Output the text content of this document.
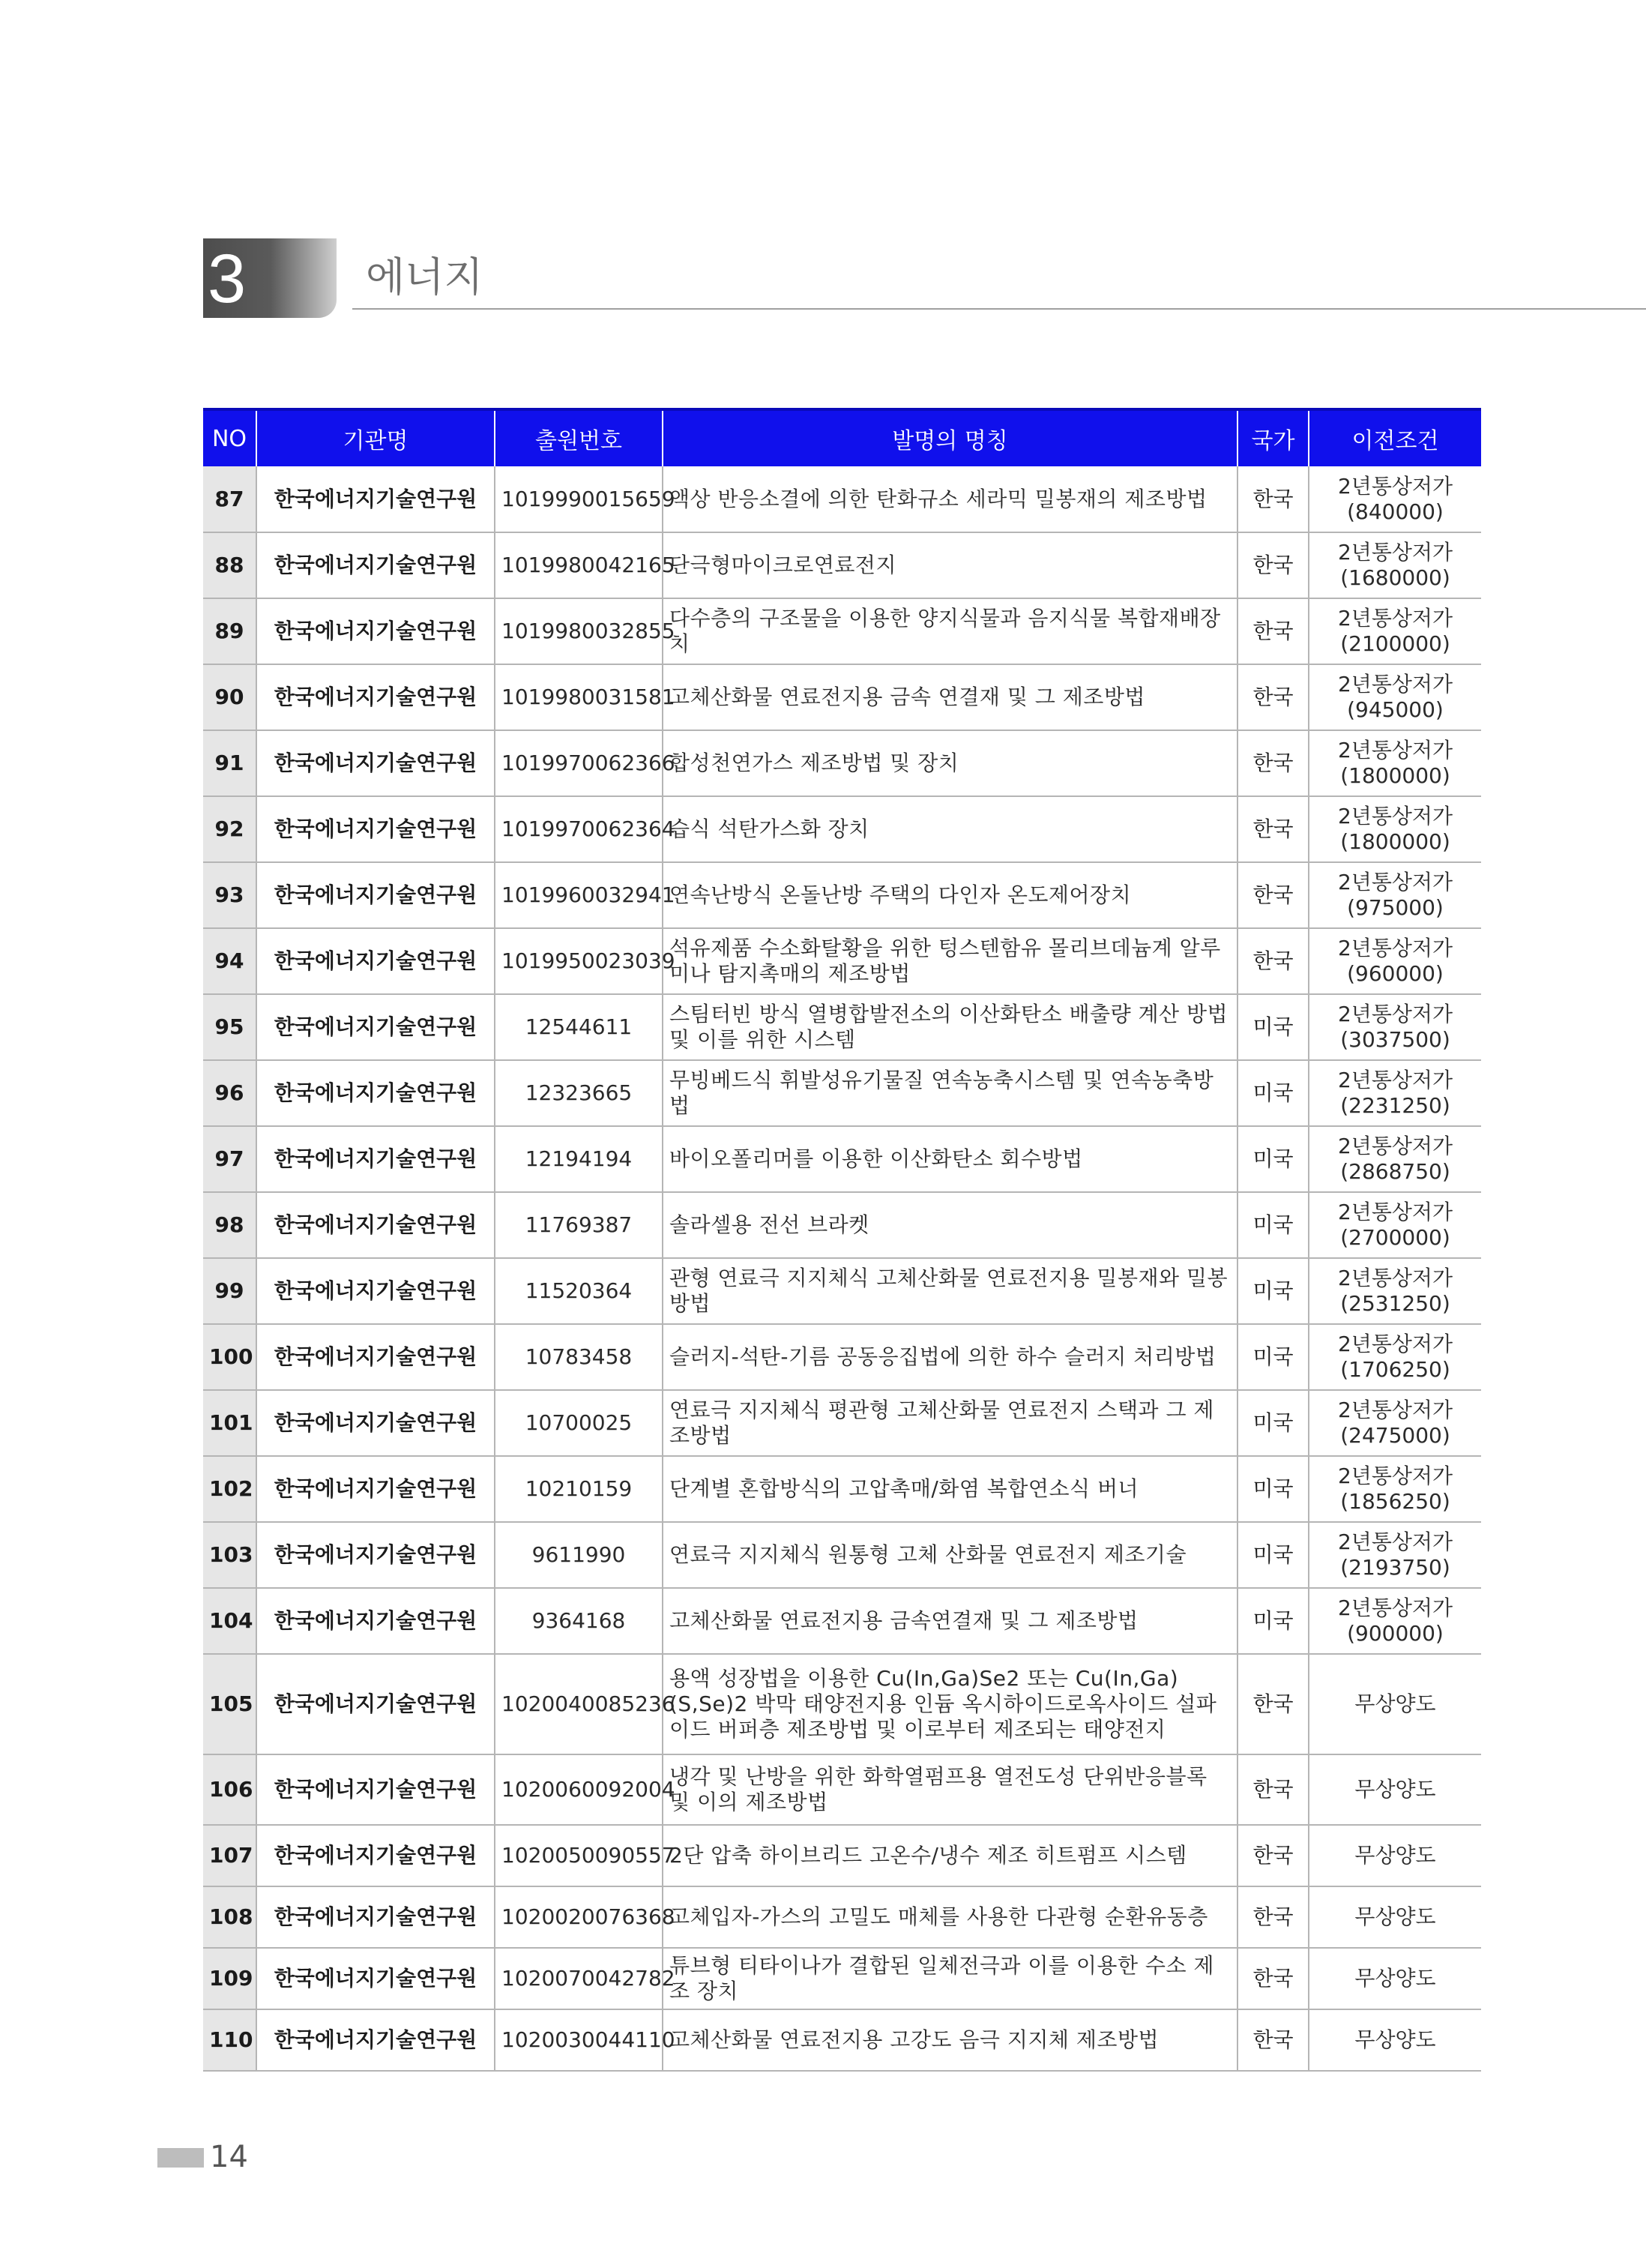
3	에너지
NO	기관명	출원번호	발명의 명칭	국가	이전조건
87	한국에너지기술연구원	1019990015659	액상 반응소결에 의한 탄화규소 세라믹 밀봉재의 제조방법	한국	2년통상저가 (840000)
88	한국에너지기술연구원	1019980042165	단극형마이크로연료전지	한국	2년통상저가 (1680000)
89	한국에너지기술연구원	1019980032855	다수층의 구조물을 이용한 양지식물과 음지식물 복합재배장치	한국	2년통상저가 (2100000)
90	한국에너지기술연구원	1019980031581	고체산화물 연료전지용 금속 연결재 및 그 제조방법	한국	2년통상저가 (945000)
91	한국에너지기술연구원	1019970062366	합성천연가스 제조방법 및 장치	한국	2년통상저가 (1800000)
92	한국에너지기술연구원	1019970062364	습식 석탄가스화 장치	한국	2년통상저가 (1800000)
93	한국에너지기술연구원	1019960032941	연속난방식 온돌난방 주택의 다인자 온도제어장치	한국	2년통상저가 (975000)
94	한국에너지기술연구원	1019950023039	석유제품 수소화탈황을 위한 텅스텐함유 몰리브데늄계 알루미나 탐지촉매의 제조방법	한국	2년통상저가 (960000)
95	한국에너지기술연구원	12544611	스팀터빈 방식 열병합발전소의 이산화탄소 배출량 계산 방법 및 이를 위한 시스템	미국	2년통상저가 (3037500)
96	한국에너지기술연구원	12323665	무빙베드식 휘발성유기물질 연속농축시스템 및 연속농축방법	미국	2년통상저가 (2231250)
97	한국에너지기술연구원	12194194	바이오폴리머를 이용한 이산화탄소 회수방법	미국	2년통상저가 (2868750)
98	한국에너지기술연구원	11769387	솔라셀용 전선 브라켓	미국	2년통상저가 (2700000)
99	한국에너지기술연구원	11520364	관형 연료극 지지체식 고체산화물 연료전지용 밀봉재와 밀봉 방법	미국	2년통상저가 (2531250)
100	한국에너지기술연구원	10783458	슬러지-석탄-기름 공동응집법에 의한 하수 슬러지 처리방법	미국	2년통상저가 (1706250)
101	한국에너지기술연구원	10700025	연료극 지지체식 평관형 고체산화물 연료전지 스택과 그 제조방법	미국	2년통상저가 (2475000)
102	한국에너지기술연구원	10210159	단계별 혼합방식의 고압촉매/화염 복합연소식 버너	미국	2년통상저가 (1856250)
103	한국에너지기술연구원	9611990	연료극 지지체식 원통형 고체 산화물 연료전지 제조기술	미국	2년통상저가 (2193750)
104	한국에너지기술연구원	9364168	고체산화물 연료전지용 금속연결재 및 그 제조방법	미국	2년통상저가 (900000)
105	한국에너지기술연구원	1020040085236	용액 성장법을 이용한 Cu(In,Ga)Se2 또는 Cu(In,Ga)(S,Se)2 박막 태양전지용 인듐 옥시하이드로옥사이드 설파이드 버퍼층 제조방법 및 이로부터 제조되는 태양전지	한국	무상양도
106	한국에너지기술연구원	1020060092004	냉각 및 난방을 위한 화학열펌프용 열전도성 단위반응블록 및 이의 제조방법	한국	무상양도
107	한국에너지기술연구원	1020050090557	2단 압축 하이브리드 고온수/냉수 제조 히트펌프 시스템	한국	무상양도
108	한국에너지기술연구원	1020020076368	고체입자-가스의 고밀도 매체를 사용한 다관형 순환유동층	한국	무상양도
109	한국에너지기술연구원	1020070042782	튜브형 티타이나가 결합된 일체전극과 이를 이용한 수소 제조 장치	한국	무상양도
110	한국에너지기술연구원	1020030044110	고체산화물 연료전지용 고강도 음극 지지체 제조방법	한국	무상양도
14
